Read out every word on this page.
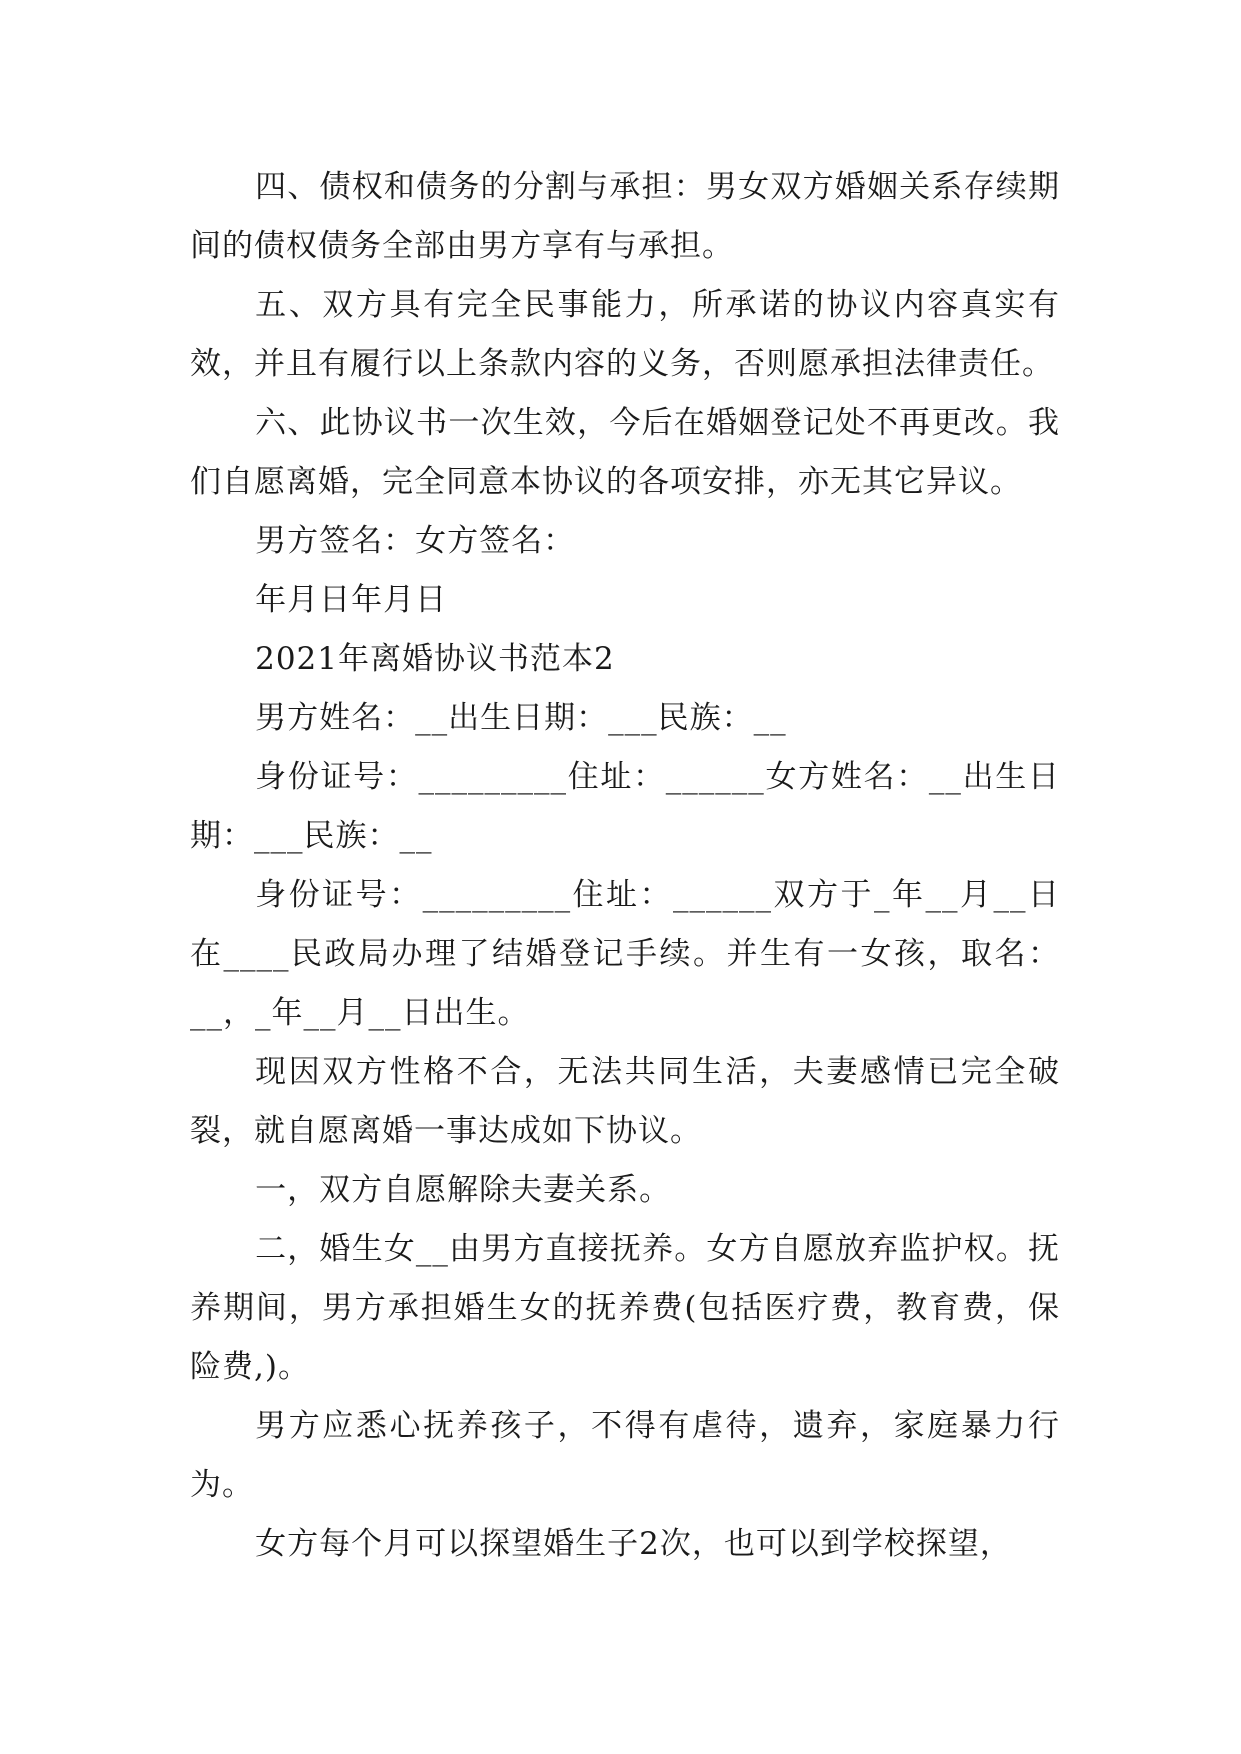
四、债权和债务的分割与承担：男女双方婚姻关系存续期间的债权债务全部由男方享有与承担。

五、双方具有完全民事能力，所承诺的协议内容真实有效，并且有履行以上条款内容的义务，否则愿承担法律责任。

六、此协议书一次生效，今后在婚姻登记处不再更改。我们自愿离婚，完全同意本协议的各项安排，亦无其它异议。

男方签名：女方签名：

年月日年月日

2021年离婚协议书范本2

男方姓名：__出生日期：___民族：__

身份证号：_________住址：______女方姓名：__出生日期：___民族：__

身份证号：_________住址：______双方于_年__月__日在____民政局办理了结婚登记手续。并生有一女孩，取名：__，_年__月__日出生。

现因双方性格不合，无法共同生活，夫妻感情已完全破裂，就自愿离婚一事达成如下协议。

一，双方自愿解除夫妻关系。

二，婚生女__由男方直接抚养。女方自愿放弃监护权。抚养期间，男方承担婚生女的抚养费(包括医疗费，教育费，保险费,)。

男方应悉心抚养孩子，不得有虐待，遗弃，家庭暴力行为。

女方每个月可以探望婚生子2次，也可以到学校探望，
